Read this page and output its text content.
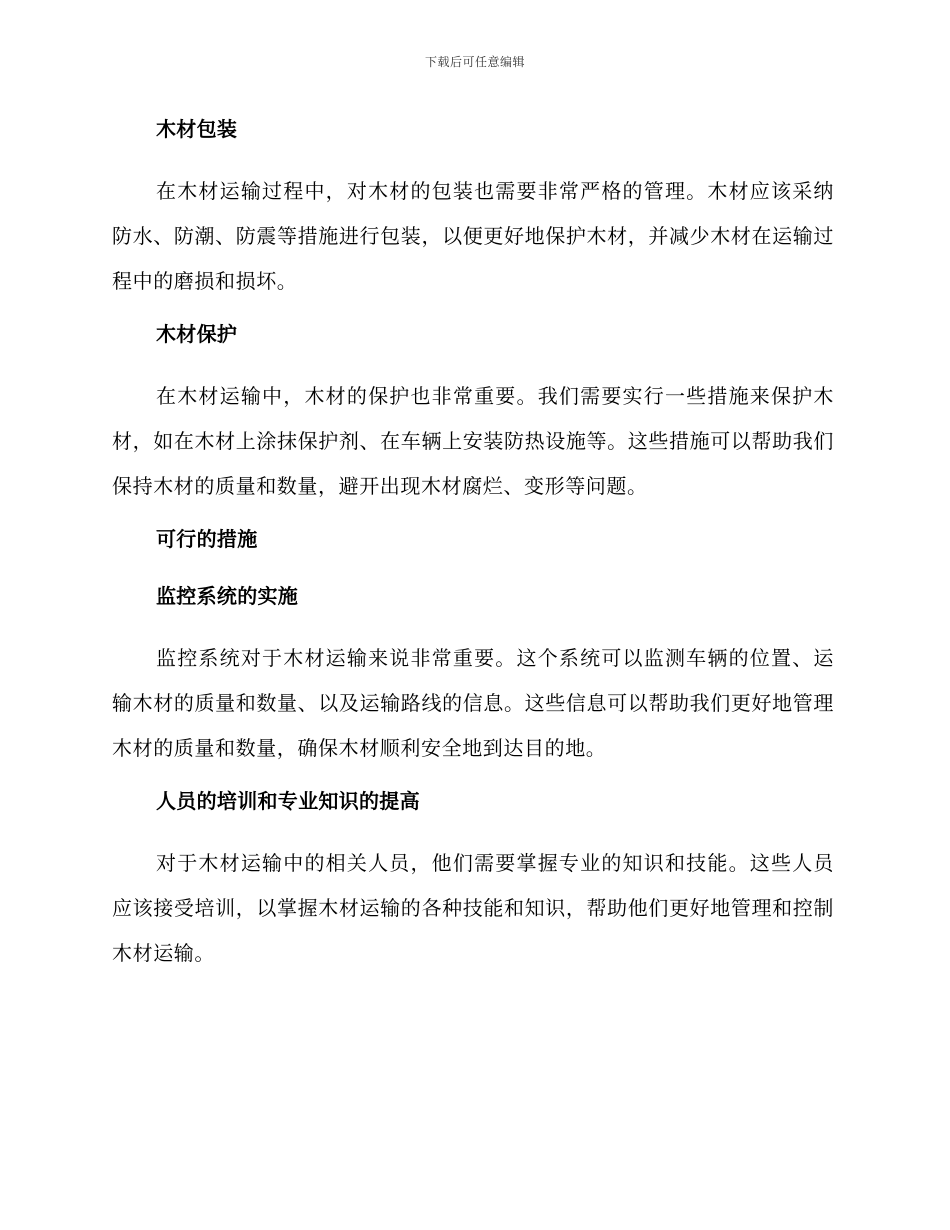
下载后可任意编辑
木材包装

在木材运输过程中，对木材的包装也需要非常严格的管理。木材应该采纳防水、防潮、防震等措施进行包装，以便更好地保护木材，并减少木材在运输过程中的磨损和损坏。

木材保护

在木材运输中，木材的保护也非常重要。我们需要实行一些措施来保护木材，如在木材上涂抹保护剂、在车辆上安装防热设施等。这些措施可以帮助我们保持木材的质量和数量，避开出现木材腐烂、变形等问题。

可行的措施
监控系统的实施

监控系统对于木材运输来说非常重要。这个系统可以监测车辆的位置、运输木材的质量和数量、以及运输路线的信息。这些信息可以帮助我们更好地管理木材的质量和数量，确保木材顺利安全地到达目的地。

人员的培训和专业知识的提高

对于木材运输中的相关人员，他们需要掌握专业的知识和技能。这些人员应该接受培训，以掌握木材运输的各种技能和知识，帮助他们更好地管理和控制木材运输。
